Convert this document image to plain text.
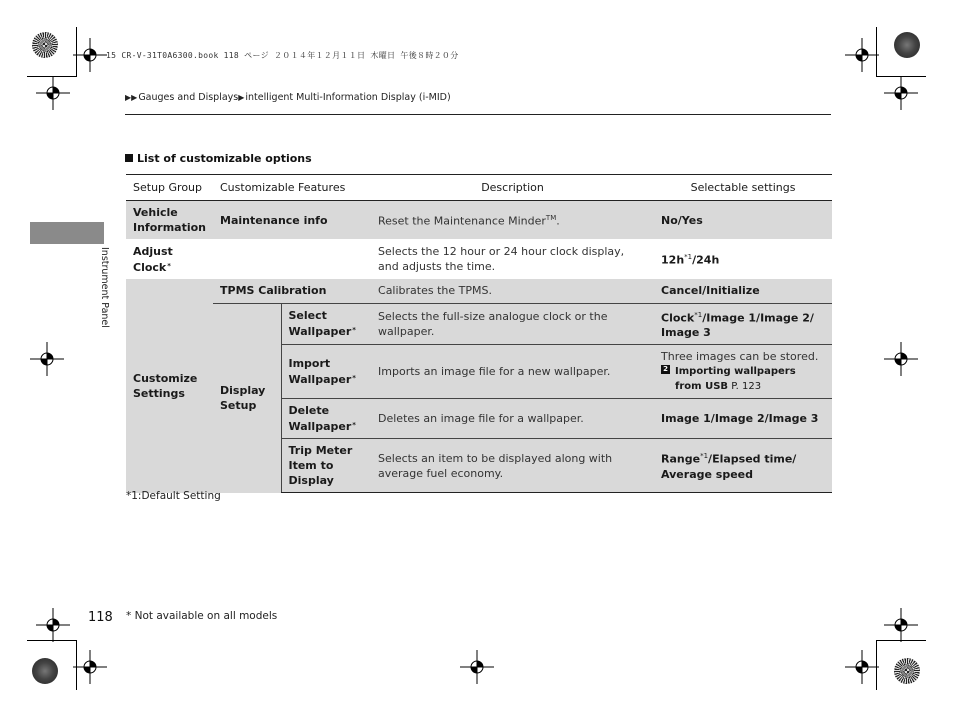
15 CR-V-31T0A6300.book 118 ページ ２０１４年１２月１１日 木曜日 午後８時２０分
▶▶Gauges and Displays▶intelligent Multi-Information Display (i-MID)
Instrument Panel
List of customizable options
Setup Group	Customizable Features		Description	Selectable settings
Vehicle Information	Maintenance info		Reset the Maintenance Minder™.	No/Yes
Adjust Clock*			Selects the 12 hour or 24 hour clock display, and adjusts the time.	$12h^{*1}/24h$
Customize Settings	TPMS Calibration		Calibrates the TPMS.	Cancel/Initialize
	Display Setup	Select Wallpaper*	Selects the full-size analogue clock or the wallpaper.	Clock$^{*1}$/Image 1/Image 2/ Image 3
		Import Wallpaper*	Imports an image file for a new wallpaper.	Three images can be stored.
2 Importing wallpapers from USB P. 123

		Delete Wallpaper*	Deletes an image file for a wallpaper.	Image 1/Image 2/Image 3
		Trip Meter Item to Display	Selects an item to be displayed along with average fuel economy.	Range$^{*1}$/Elapsed time/ Average speed
*1:Default Setting
118 * Not available on all models
